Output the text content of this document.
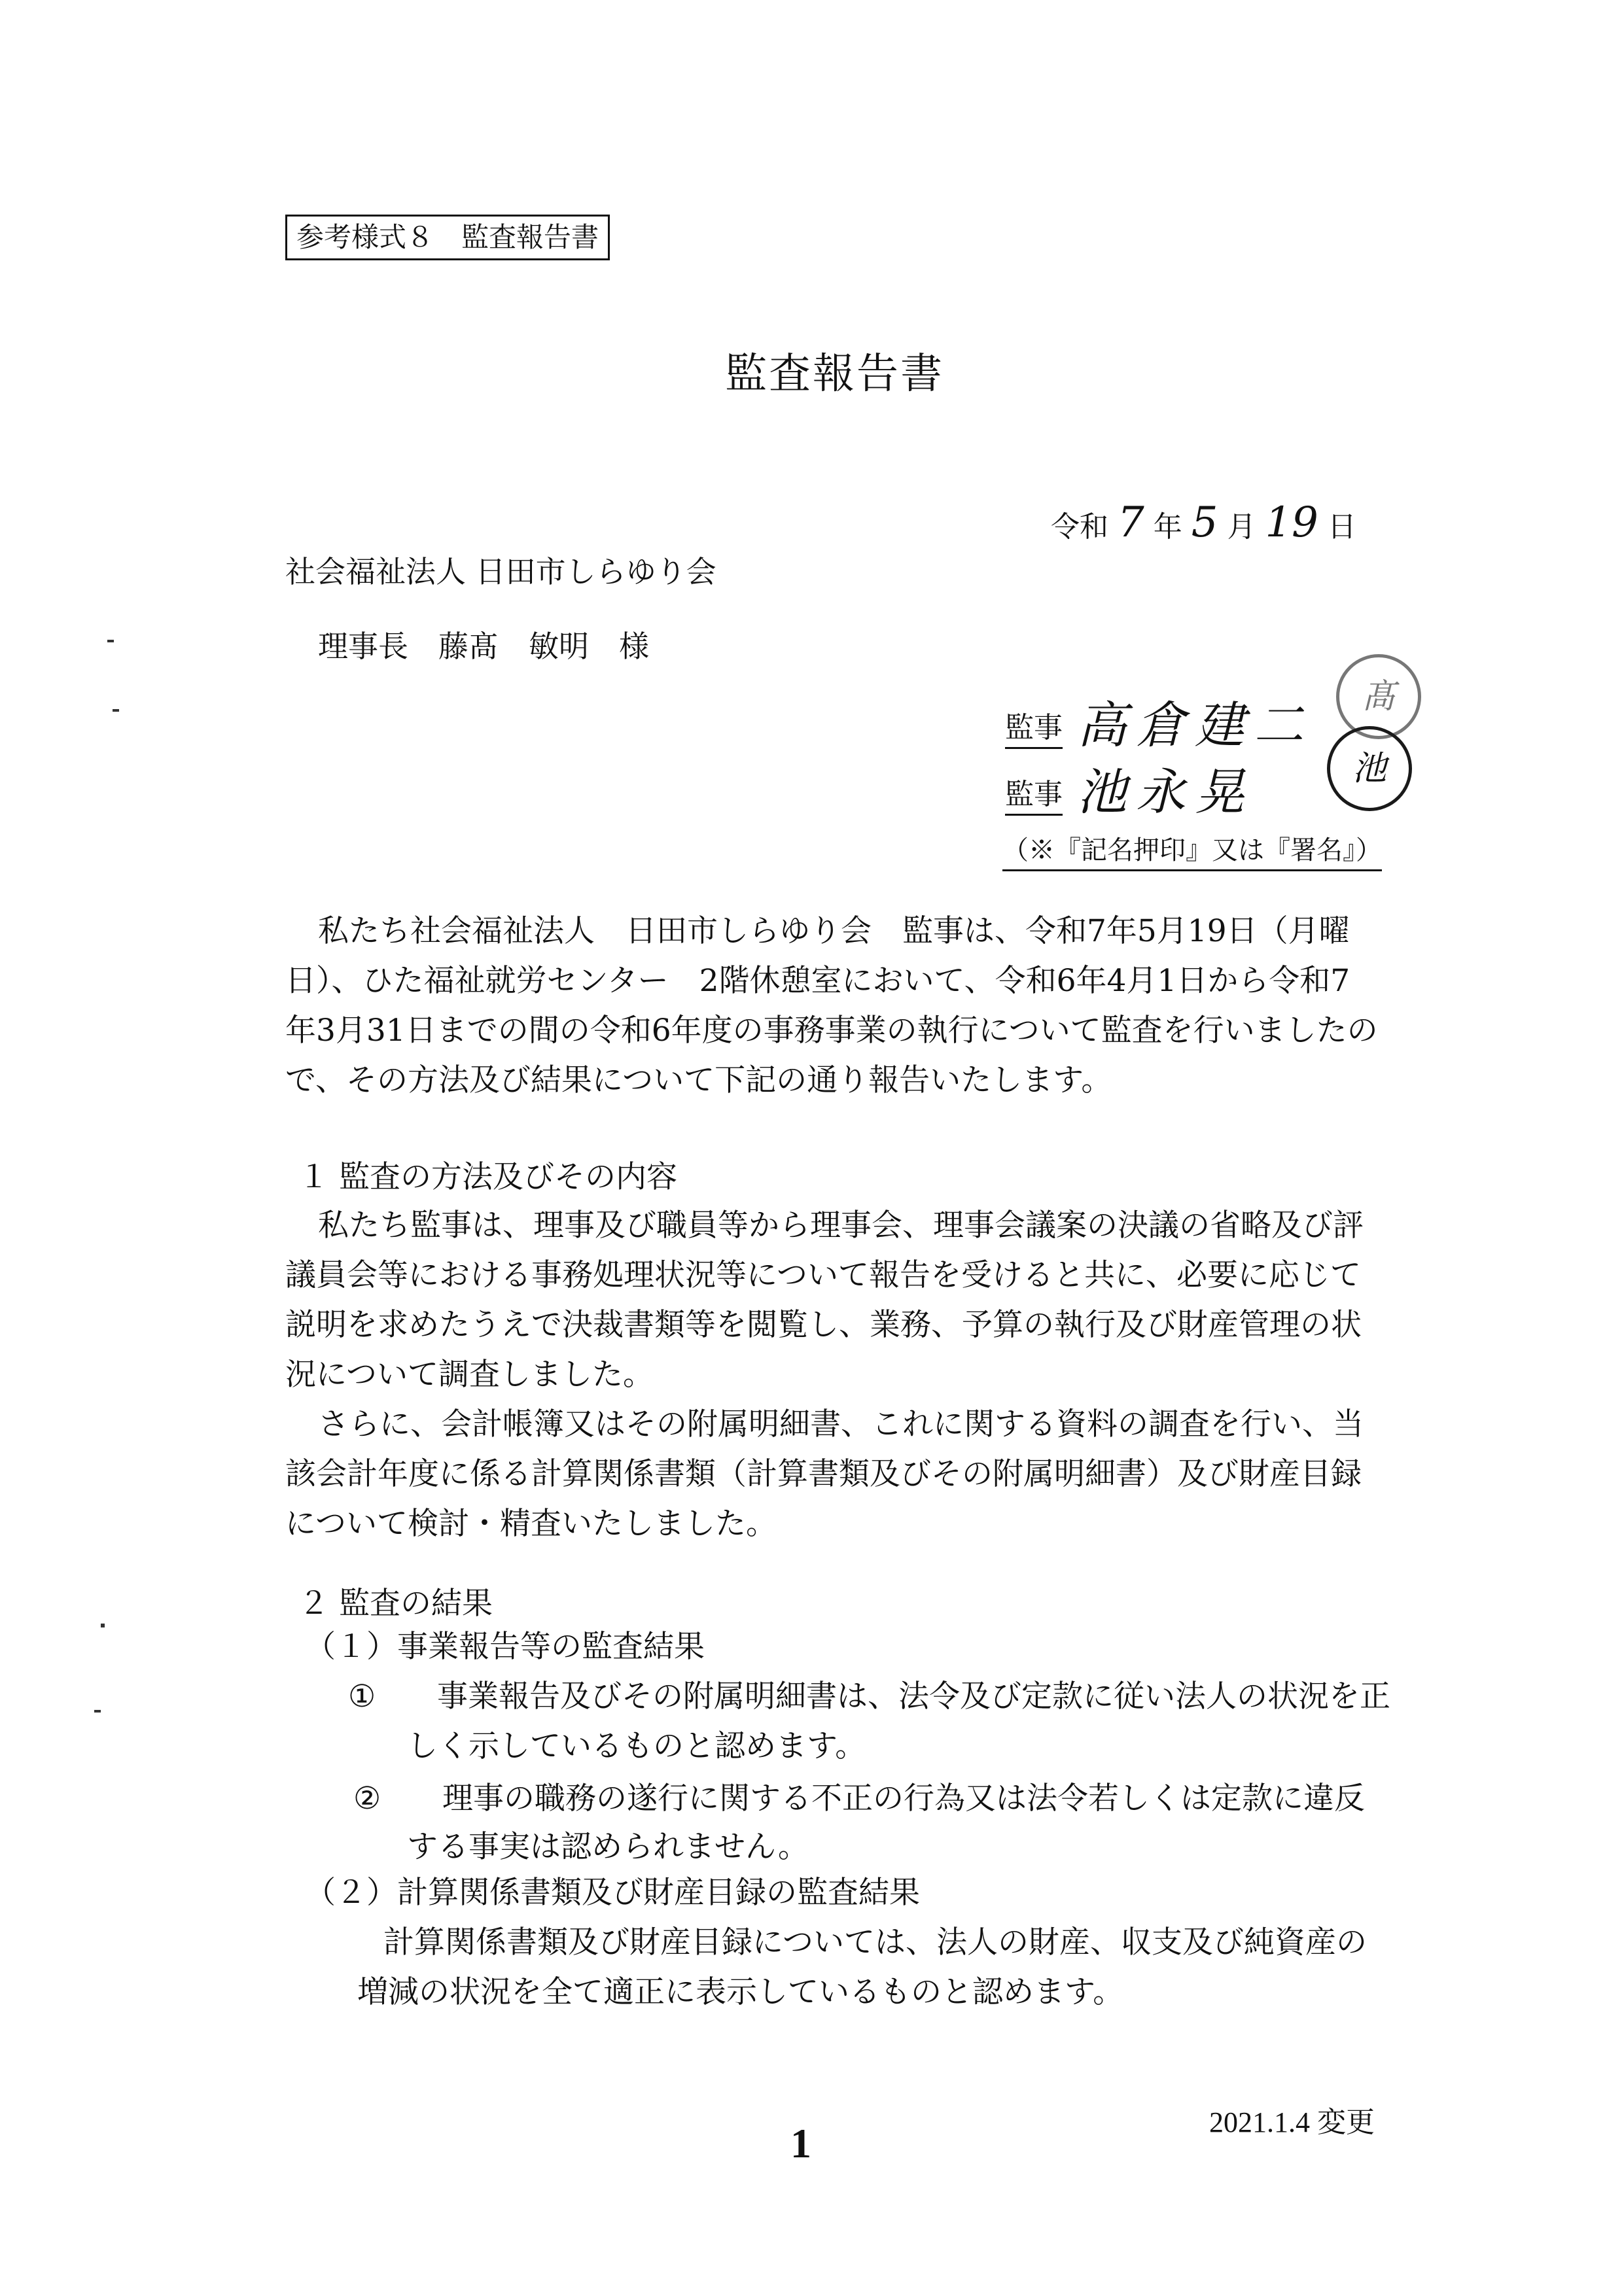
参考様式８　監査報告書
監査報告書
令和 7 年 5 月 19 日
社会福祉法人 日田市しらゆり会
理事長　藤髙　敏明　様
監事 高倉建二	髙
監事 池永晃	池
（※『記名押印』又は『署名』）
私たち社会福祉法人　日田市しらゆり会　監事は、令和7年5月19日（月曜
日）、ひた福祉就労センター　2階休憩室において、令和6年4月1日から令和7
年3月31日までの間の令和6年度の事務事業の執行について監査を行いましたの
で、その方法及び結果について下記の通り報告いたします。
１ 監査の方法及びその内容
私たち監事は、理事及び職員等から理事会、理事会議案の決議の省略及び評
議員会等における事務処理状況等について報告を受けると共に、必要に応じて
説明を求めたうえで決裁書類等を閲覧し、業務、予算の執行及び財産管理の状
況について調査しました。
さらに、会計帳簿又はその附属明細書、これに関する資料の調査を行い、当
該会計年度に係る計算関係書類（計算書類及びその附属明細書）及び財産目録
について検討・精査いたしました。
２ 監査の結果
（１）事業報告等の監査結果
① 事業報告及びその附属明細書は、法令及び定款に従い法人の状況を正
しく示しているものと認めます。
② 理事の職務の遂行に関する不正の行為又は法令若しくは定款に違反
する事実は認められません。
（２）計算関係書類及び財産目録の監査結果
計算関係書類及び財産目録については、法人の財産、収支及び純資産の
増減の状況を全て適正に表示しているものと認めます。
2021.1.4 変更
1
